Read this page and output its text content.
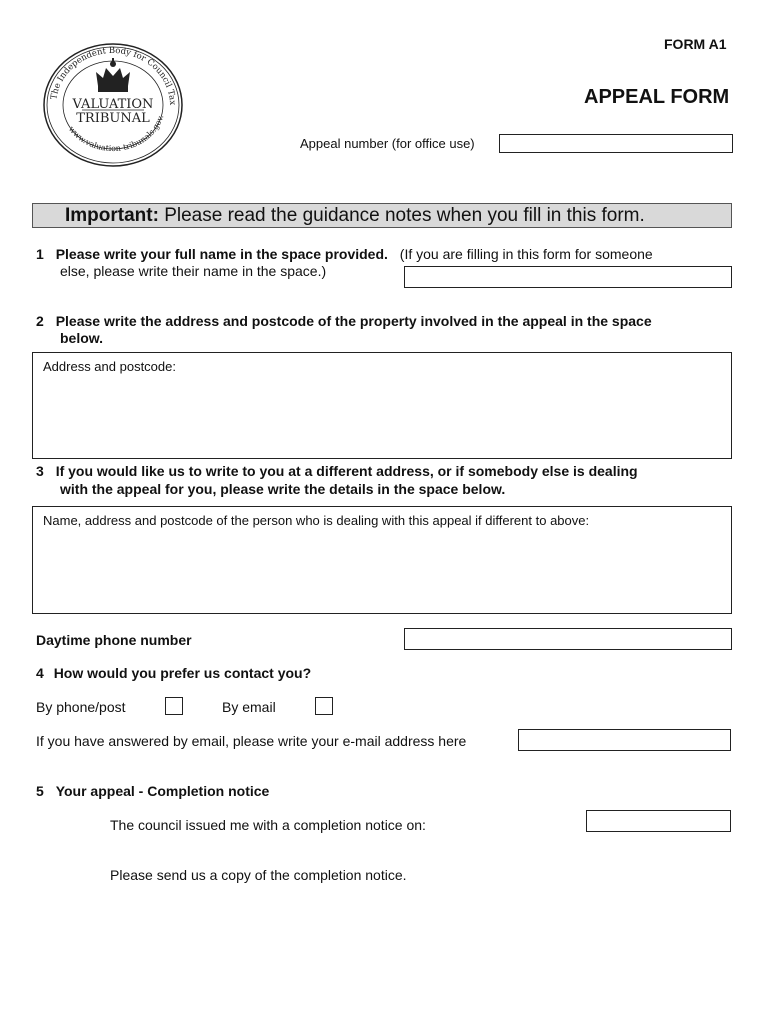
FORM A1
APPEAL FORM
The Independent Body for Council Tax
www.valuation-tribunals.gov.
VALUATION
TRIBUNAL
Appeal number (for office use)
Important: Please read the guidance notes when you fill in this form.
1 Please write your full name in the space provided. (If you are filling in this form for someone
else, please write their name in the space.)
2 Please write the address and postcode of the property involved in the appeal in the space
below.
Address and postcode:
3 If you would like us to write to you at a different address, or if somebody else is dealing
with the appeal for you, please write the details in the space below.
Name, address and postcode of the person who is dealing with this appeal if different to above:
Daytime phone number
4 How would you prefer us contact you?
By phone/post	By email
If you have answered by email, please write your e-mail address here
5 Your appeal - Completion notice
The council issued me with a completion notice on:
Please send us a copy of the completion notice.
